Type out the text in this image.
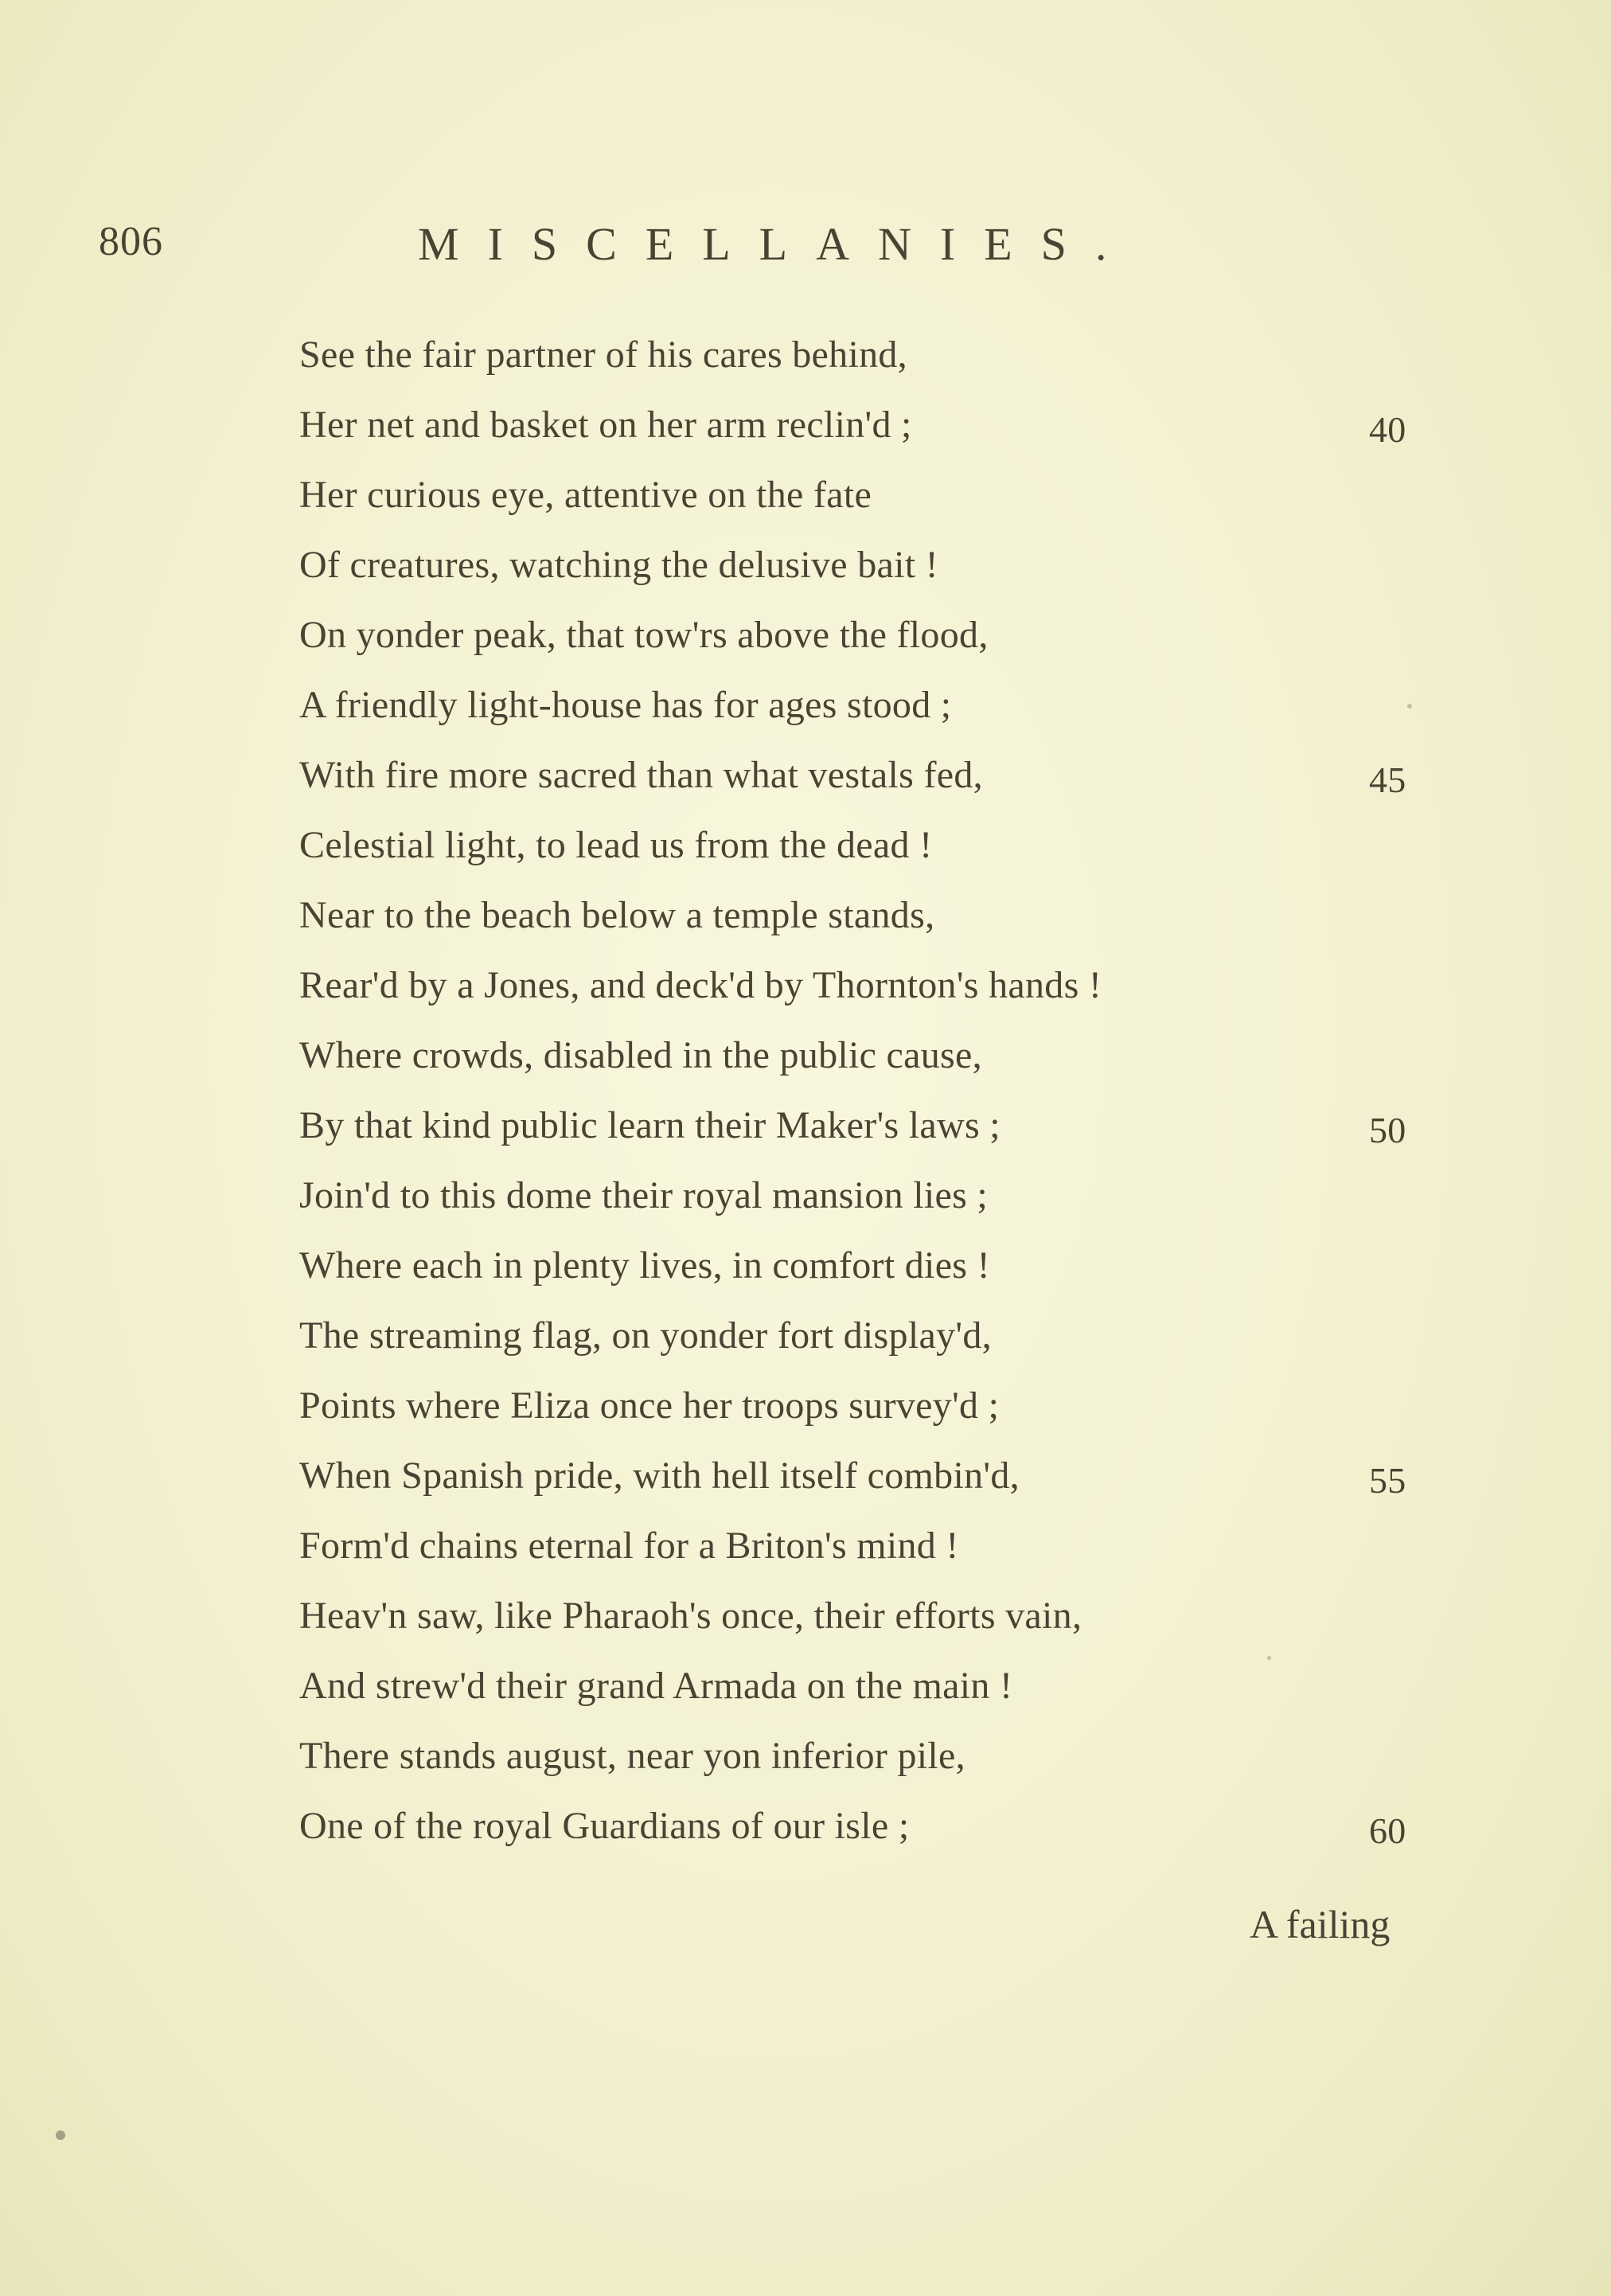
806	MISCELLANIES.
See the fair partner of his cares behind,
Her net and basket on her arm reclin'd ;	40
Her curious eye, attentive on the fate
Of creatures, watching the delusive bait !
On yonder peak, that tow'rs above the flood,
A friendly light-house has for ages stood ;
With fire more sacred than what vestals fed,	45
Celestial light, to lead us from the dead !
Near to the beach below a temple stands,
Rear'd by a Jones, and deck'd by Thornton's hands !
Where crowds, disabled in the public cause,
By that kind public learn their Maker's laws ;	50
Join'd to this dome their royal mansion lies ;
Where each in plenty lives, in comfort dies !
The streaming flag, on yonder fort display'd,
Points where Eliza once her troops survey'd ;
When Spanish pride, with hell itself combin'd,	55
Form'd chains eternal for a Briton's mind !
Heav'n saw, like Pharaoh's once, their efforts vain,
And strew'd their grand Armada on the main !
There stands august, near yon inferior pile,
One of the royal Guardians of our isle ;	60
A failing
